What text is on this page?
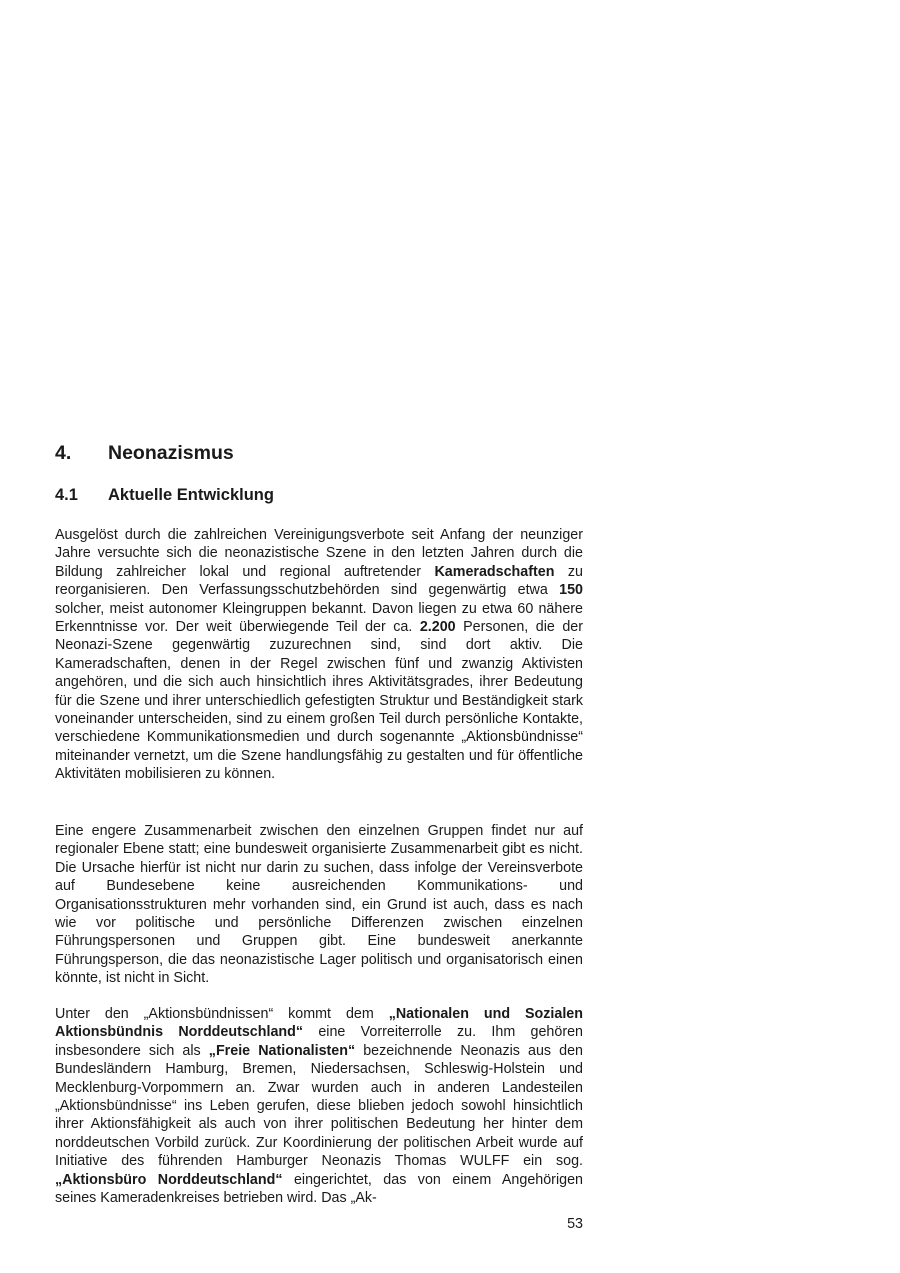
4. Neonazismus
4.1 Aktuelle Entwicklung

Ausgelöst durch die zahlreichen Vereinigungsverbote seit Anfang der neunziger Jahre versuchte sich die neonazistische Szene in den letzten Jahren durch die Bildung zahlreicher lokal und regional auftretender Kameradschaften zu reorganisieren. Den Verfassungsschutzbehörden sind gegenwärtig etwa 150 solcher, meist autonomer Kleingruppen bekannt. Davon liegen zu etwa 60 nähere Erkenntnisse vor. Der weit überwiegende Teil der ca. 2.200 Personen, die der Neonazi-Szene gegenwärtig zuzurechnen sind, sind dort aktiv. Die Kameradschaften, denen in der Regel zwischen fünf und zwanzig Aktivisten angehören, und die sich auch hinsichtlich ihres Aktivitätsgrades, ihrer Bedeutung für die Szene und ihrer unterschiedlich gefestigten Struktur und Beständigkeit stark voneinander unterscheiden, sind zu einem großen Teil durch persönliche Kontakte, verschiedene Kommunikationsmedien und durch sogenannte „Aktionsbündnisse“ miteinander vernetzt, um die Szene handlungsfähig zu gestalten und für öffentliche Aktivitäten mobilisieren zu können.

Eine engere Zusammenarbeit zwischen den einzelnen Gruppen findet nur auf regionaler Ebene statt; eine bundesweit organisierte Zusammenarbeit gibt es nicht. Die Ursache hierfür ist nicht nur darin zu suchen, dass infolge der Vereinsverbote auf Bundesebene keine ausreichenden Kommunikations- und Organisationsstrukturen mehr vorhanden sind, ein Grund ist auch, dass es nach wie vor politische und persönliche Differenzen zwischen einzelnen Führungspersonen und Gruppen gibt. Eine bundesweit anerkannte Führungsperson, die das neonazistische Lager politisch und organisatorisch einen könnte, ist nicht in Sicht.

Unter den „Aktionsbündnissen“ kommt dem „Nationalen und Sozialen Aktionsbündnis Norddeutschland“ eine Vorreiterrolle zu. Ihm gehören insbesondere sich als „Freie Nationalisten“ bezeichnende Neonazis aus den Bundesländern Hamburg, Bremen, Niedersachsen, Schleswig-Holstein und Mecklenburg-Vorpommern an. Zwar wurden auch in anderen Landesteilen „Aktionsbündnisse“ ins Leben gerufen, diese blieben jedoch sowohl hinsichtlich ihrer Aktionsfähigkeit als auch von ihrer politischen Bedeutung her hinter dem norddeutschen Vorbild zurück. Zur Koordinierung der politischen Arbeit wurde auf Initiative des führenden Hamburger Neonazis Thomas WULFF ein sog. „Aktionsbüro Norddeutschland“ eingerichtet, das von einem Angehörigen seines Kameradenkreises betrieben wird. Das „Ak-

53
